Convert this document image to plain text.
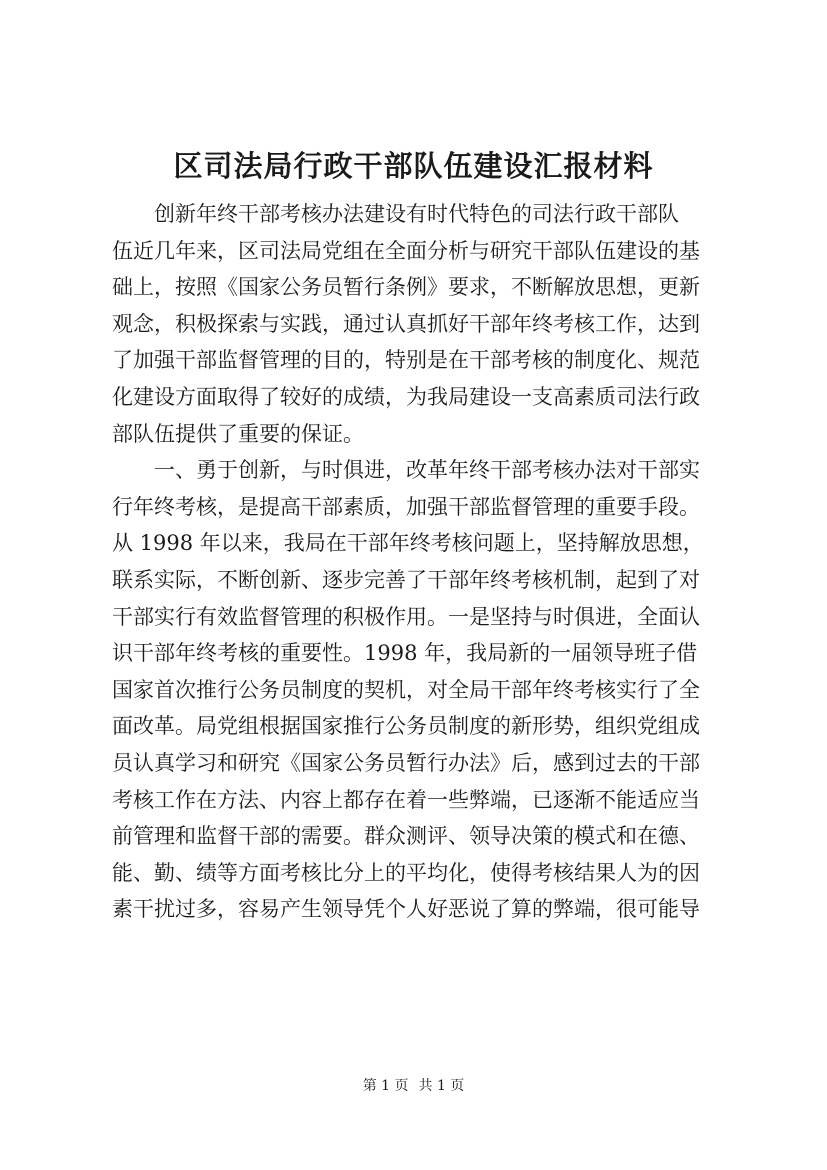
区司法局行政干部队伍建设汇报材料
　　创新年终干部考核办法建设有时代特色的司法行政干部队
伍近几年来，区司法局党组在全面分析与研究干部队伍建设的基
础上，按照《国家公务员暂行条例》要求，不断解放思想，更新
观念，积极探索与实践，通过认真抓好干部年终考核工作，达到
了加强干部监督管理的目的，特别是在干部考核的制度化、规范
化建设方面取得了较好的成绩，为我局建设一支高素质司法行政
部队伍提供了重要的保证。
　　一、勇于创新，与时俱进，改革年终干部考核办法对干部实
行年终考核，是提高干部素质，加强干部监督管理的重要手段。
从 1998 年以来，我局在干部年终考核问题上，坚持解放思想，
联系实际，不断创新、逐步完善了干部年终考核机制，起到了对
干部实行有效监督管理的积极作用。一是坚持与时俱进，全面认
识干部年终考核的重要性。1998 年，我局新的一届领导班子借
国家首次推行公务员制度的契机，对全局干部年终考核实行了全
面改革。局党组根据国家推行公务员制度的新形势，组织党组成
员认真学习和研究《国家公务员暂行办法》后，感到过去的干部
考核工作在方法、内容上都存在着一些弊端，已逐渐不能适应当
前管理和监督干部的需要。群众测评、领导决策的模式和在德、
能、勤、绩等方面考核比分上的平均化，使得考核结果人为的因
素干扰过多，容易产生领导凭个人好恶说了算的弊端，很可能导
第 1 页 共 1 页
